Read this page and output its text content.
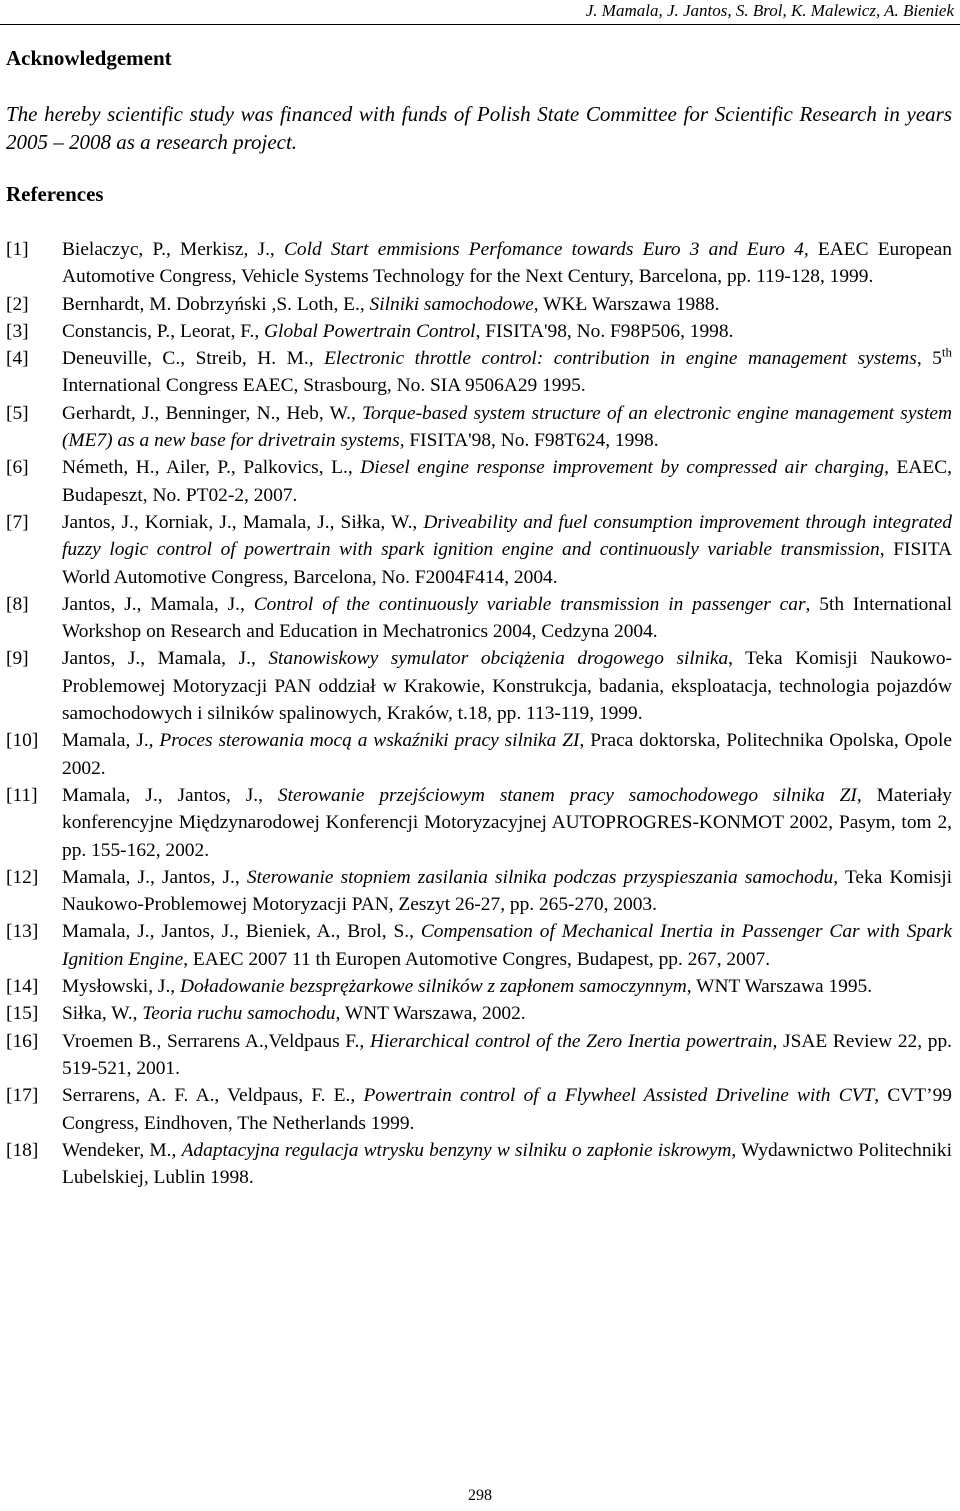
J. Mamala, J. Jantos, S. Brol, K. Malewicz, A. Bieniek
Acknowledgement
The hereby scientific study was financed with funds of Polish State Committee for Scientific Research in years 2005 – 2008 as a research project.
References
[1] Bielaczyc, P., Merkisz, J., Cold Start emmisions Perfomance towards Euro 3 and Euro 4, EAEC European Automotive Congress, Vehicle Systems Technology for the Next Century, Barcelona, pp. 119-128, 1999.
[2] Bernhardt, M. Dobrzyński ,S. Loth, E., Silniki samochodowe, WKŁ Warszawa 1988.
[3] Constancis, P., Leorat, F., Global Powertrain Control, FISITA'98, No. F98P506, 1998.
[4] Deneuville, C., Streib, H. M., Electronic throttle control: contribution in engine management systems, 5th International Congress EAEC, Strasbourg, No. SIA 9506A29 1995.
[5] Gerhardt, J., Benninger, N., Heb, W., Torque-based system structure of an electronic engine management system (ME7) as a new base for drivetrain systems, FISITA'98, No. F98T624, 1998.
[6] Németh, H., Ailer, P., Palkovics, L., Diesel engine response improvement by compressed air charging, EAEC, Budapeszt, No. PT02-2, 2007.
[7] Jantos, J., Korniak, J., Mamala, J., Siłka, W., Driveability and fuel consumption improvement through integrated fuzzy logic control of powertrain with spark ignition engine and continuously variable transmission, FISITA World Automotive Congress, Barcelona, No. F2004F414, 2004.
[8] Jantos, J., Mamala, J., Control of the continuously variable transmission in passenger car, 5th International Workshop on Research and Education in Mechatronics 2004, Cedzyna 2004.
[9] Jantos, J., Mamala, J., Stanowiskowy symulator obciążenia drogowego silnika, Teka Komisji Naukowo-Problemowej Motoryzacji PAN oddział w Krakowie, Konstrukcja, badania, eksploatacja, technologia pojazdów samochodowych i silników spalinowych, Kraków, t.18, pp. 113-119, 1999.
[10] Mamala, J., Proces sterowania mocą a wskaźniki pracy silnika ZI, Praca doktorska, Politechnika Opolska, Opole 2002.
[11] Mamala, J., Jantos, J., Sterowanie przejściowym stanem pracy samochodowego silnika ZI, Materiały konferencyjne Międzynarodowej Konferencji Motoryzacyjnej AUTOPROGRES-KONMOT 2002, Pasym, tom 2, pp. 155-162, 2002.
[12] Mamala, J., Jantos, J., Sterowanie stopniem zasilania silnika podczas przyspieszania samochodu, Teka Komisji Naukowo-Problemowej Motoryzacji PAN, Zeszyt 26-27, pp. 265-270, 2003.
[13] Mamala, J., Jantos, J., Bieniek, A., Brol, S., Compensation of Mechanical Inertia in Passenger Car with Spark Ignition Engine, EAEC 2007 11 th Europen Automotive Congres, Budapest, pp. 267, 2007.
[14] Mysłowski, J., Doładowanie bezsprężarkowe silników z zapłonem samoczynnym, WNT Warszawa 1995.
[15] Siłka, W., Teoria ruchu samochodu, WNT Warszawa, 2002.
[16] Vroemen B., Serrarens A.,Veldpaus F., Hierarchical control of the Zero Inertia powertrain, JSAE Review 22, pp. 519-521, 2001.
[17] Serrarens, A. F. A., Veldpaus, F. E., Powertrain control of a Flywheel Assisted Driveline with CVT, CVT’99 Congress, Eindhoven, The Netherlands 1999.
[18] Wendeker, M., Adaptacyjna regulacja wtrysku benzyny w silniku o zapłonie iskrowym, Wydawnictwo Politechniki Lubelskiej, Lublin 1998.
298
